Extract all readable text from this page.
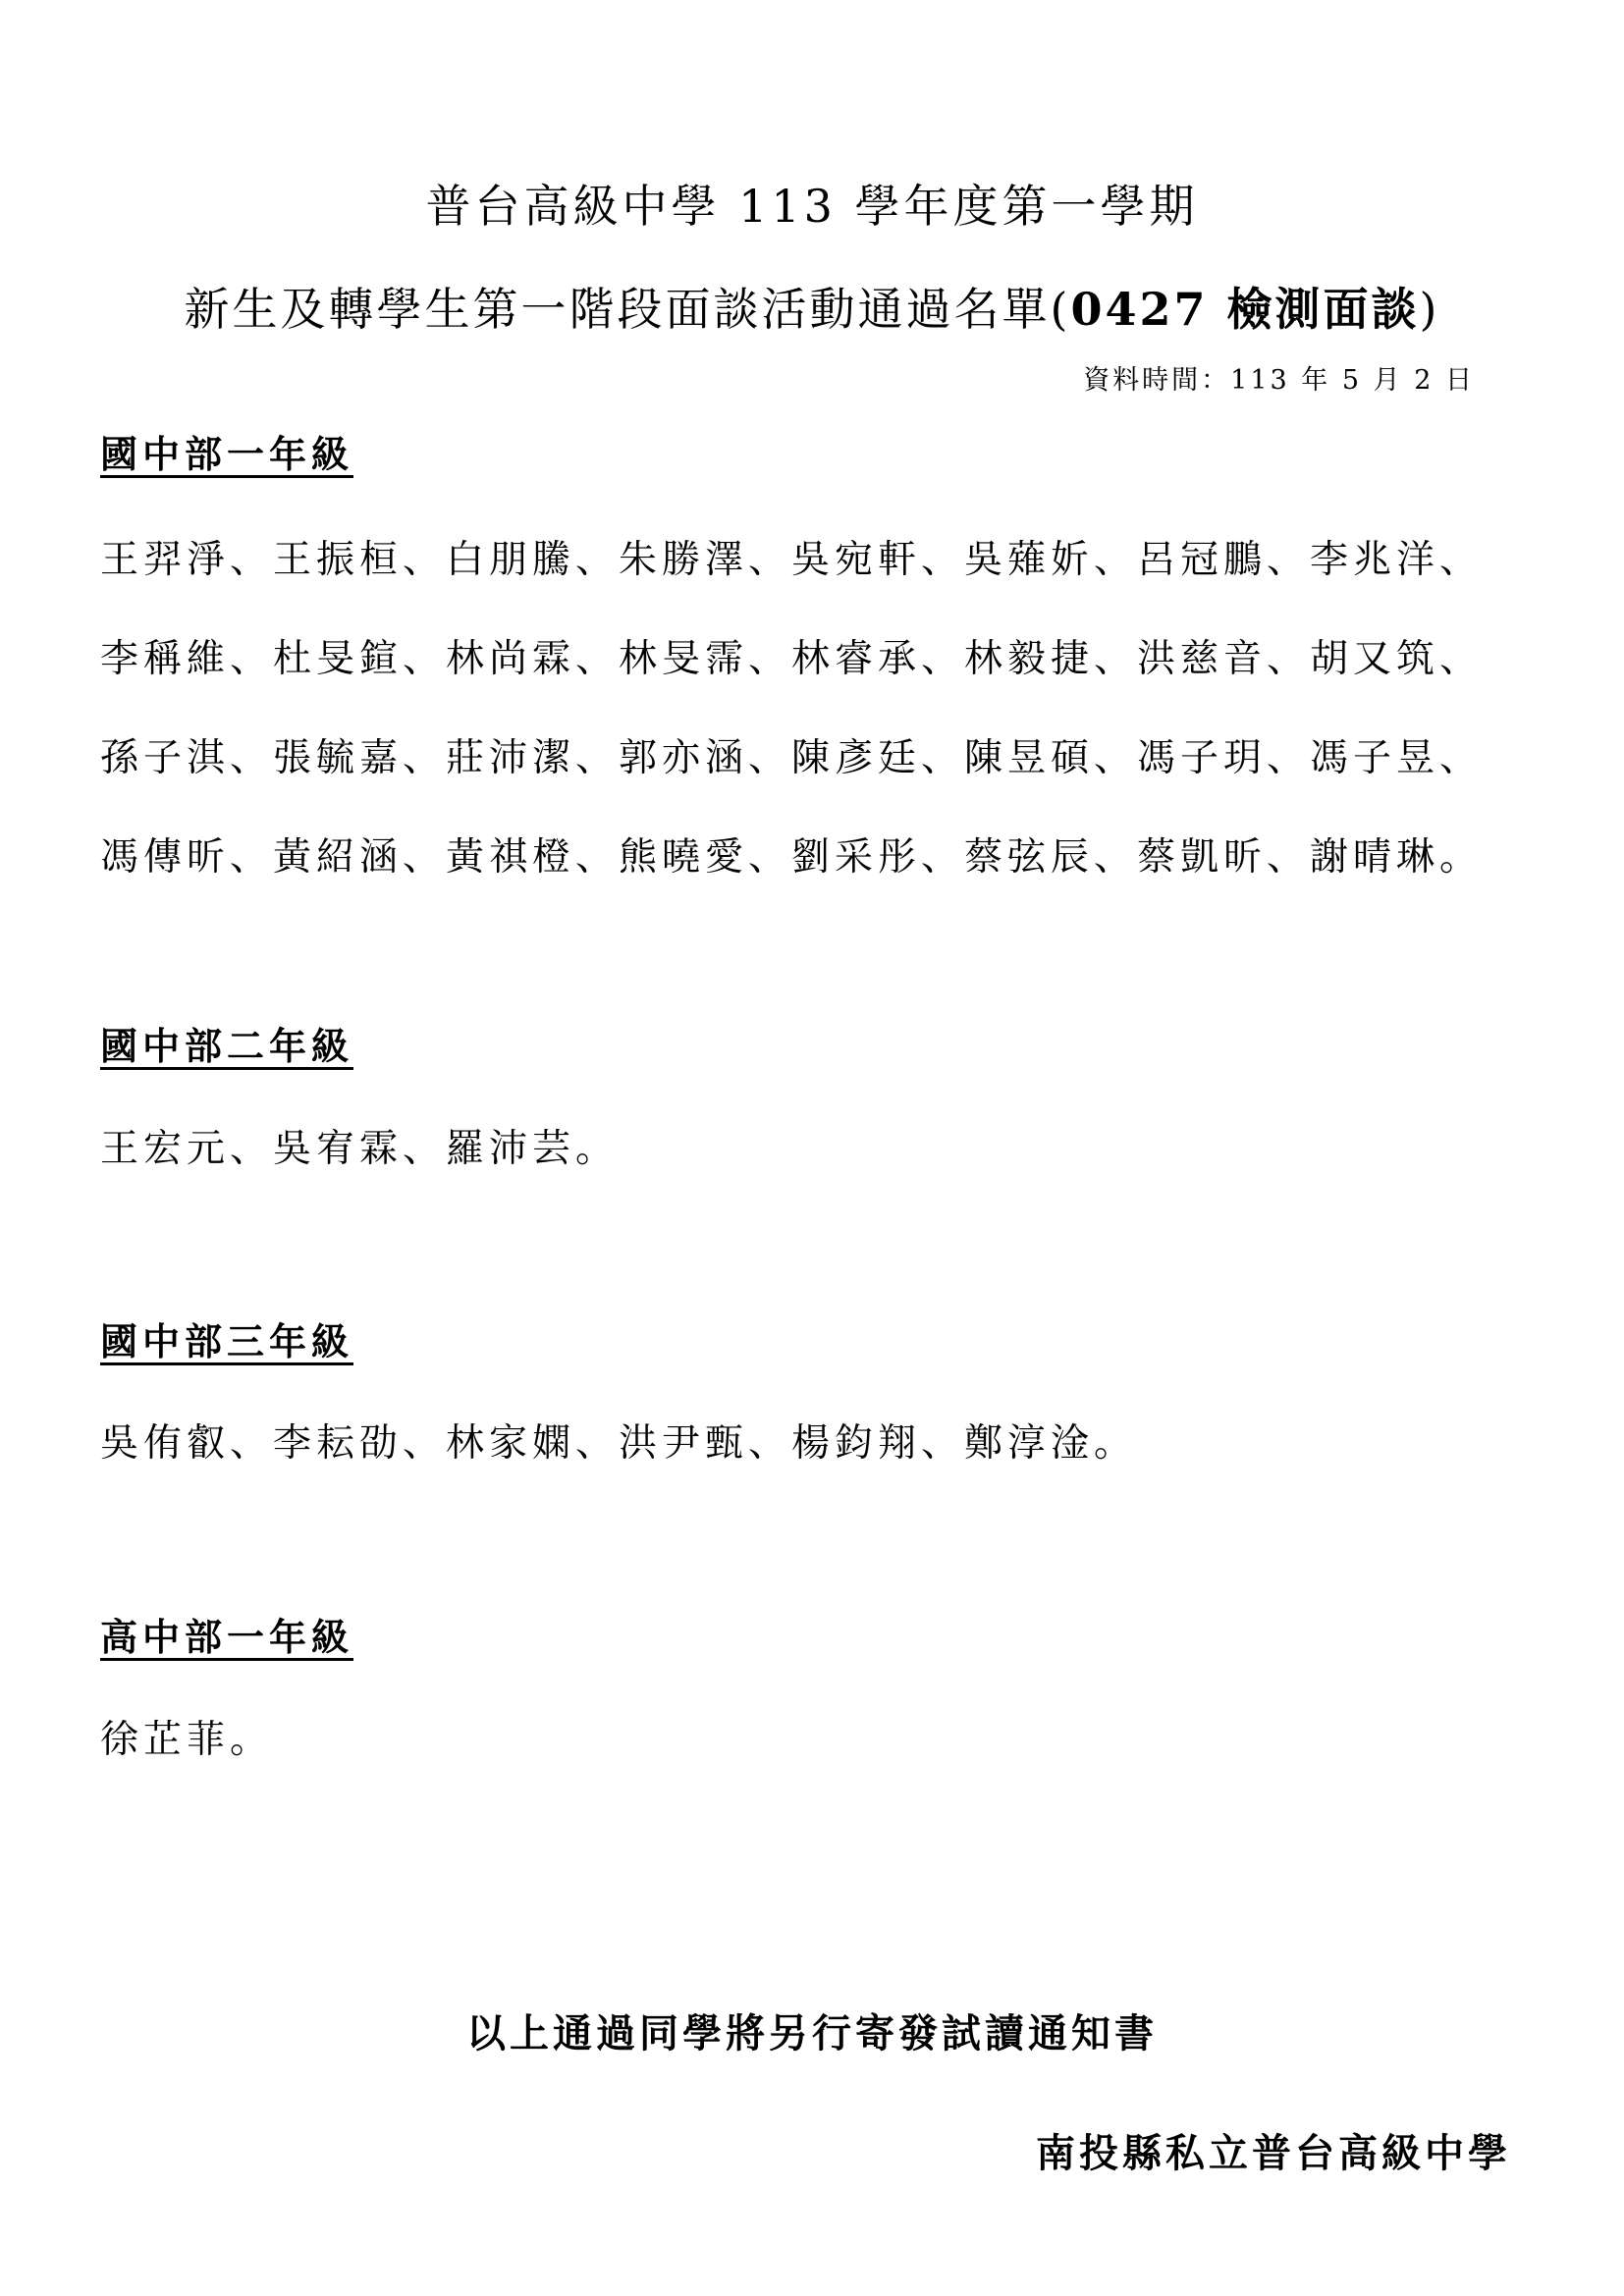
普台高級中學 113 學年度第一學期
新生及轉學生第一階段面談活動通過名單(0427 檢測面談)
資料時間：113 年 5 月 2 日
國中部一年級

王羿淨、王振桓、白朋騰、朱勝澤、吳宛軒、吳薙妡、呂冠鵬、李兆洋、李稱維、杜旻鍹、林尚霖、林旻霈、林睿承、林毅捷、洪慈音、胡又筑、孫子淇、張毓嘉、莊沛潔、郭亦涵、陳彥廷、陳昱碩、馮子玥、馮子昱、馮傳昕、黃紹涵、黃祺橙、熊曉愛、劉采彤、蔡弦辰、蔡凱昕、謝晴琳。

國中部二年級

王宏元、吳宥霖、羅沛芸。

國中部三年級

吳侑叡、李耘劭、林家嫻、洪尹甄、楊鈞翔、鄭淳淦。

高中部一年級

徐芷菲。

以上通過同學將另行寄發試讀通知書
南投縣私立普台高級中學
